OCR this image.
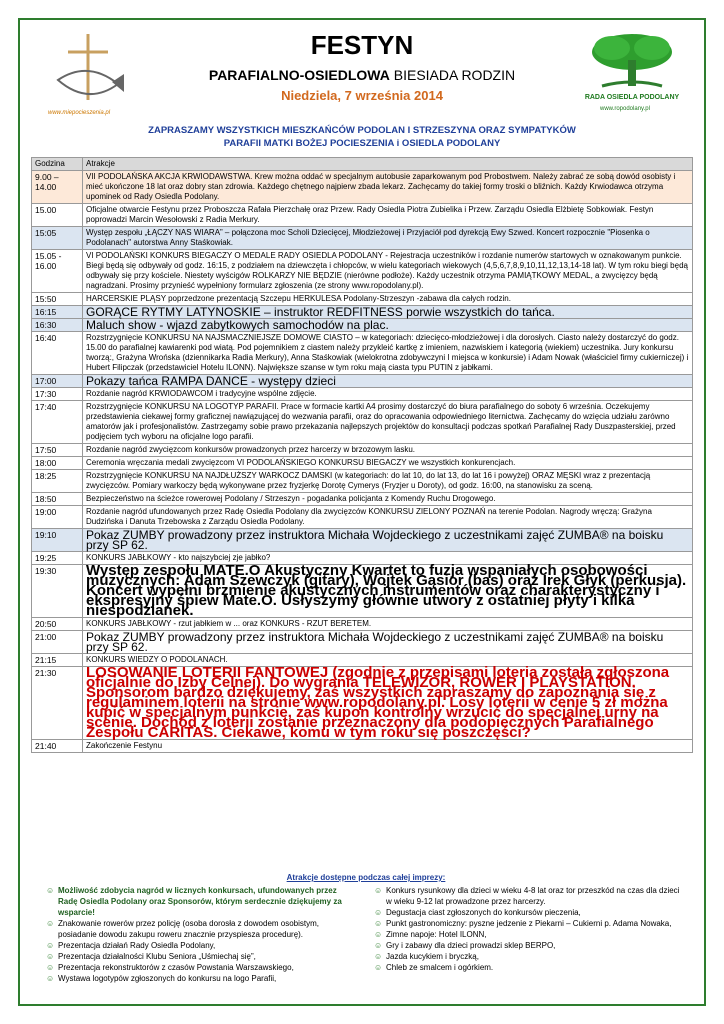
www.miepocieszenia.pl
RADA OSIEDLA PODOLANY
www.ropodolany.pl
FESTYN
PARAFIALNO-OSIEDLOWA BIESIADA RODZIN
Niedziela, 7 września 2014
ZAPRASZAMY WSZYSTKICH MIESZKAŃCÓW PODOLAN I STRZESZYNA ORAZ SYMPATYKÓW
PARAFII MATKI BOŻEJ POCIESZENIA i OSIEDLA PODOLANY
Godzina	Atrakcje
9.00 – 14.00	VII PODOLAŃSKA AKCJA KRWIODAWSTWA. Krew można oddać w specjalnym autobusie zaparkowanym pod Probostwem. Należy zabrać ze sobą dowód osobisty i mieć ukończone 18 lat oraz dobry stan zdrowia. Każdego chętnego najpierw zbada lekarz. Zachęcamy do takiej formy troski o bliźnich. Każdy Krwiodawca otrzyma upominek od Rady Osiedla Podolany.
15.00	Oficjalne otwarcie Festynu przez Proboszcza Rafała Pierzchałę oraz Przew. Rady Osiedla Piotra Zubielika i Przew. Zarządu Osiedla Elżbietę Sobkowiak. Festyn poprowadzi Marcin Wesołowski z Radia Merkury.
15:05	Występ zespołu „ŁĄCZY NAS WIARA” – połączona moc Scholi Dziecięcej, Młodzieżowej i Przyjaciół pod dyrekcją Ewy Szwed. Koncert rozpocznie "Piosenka o Podolanach" autorstwa Anny Staśkowiak.
15.05 - 16.00	VI PODOLAŃSKI KONKURS BIEGACZY O MEDALE RADY OSIEDLA PODOLANY - Rejestracja uczestników i rozdanie numerów startowych w oznakowanym punkcie. Biegi będą się odbywały od godz. 16:15, z podziałem na dziewczęta i chłopców, w wielu kategoriach wiekowych (4,5,6,7,8,9,10,11,12,13,14-18 lat). W tym roku biegi będą odbywały się przy kościele. Niestety wyścigów ROLKARZY NIE BĘDZIE (nierówne podłoże). Każdy uczestnik otrzyma PAMIĄTKOWY MEDAL, a zwycięzcy będą nagradzani. Prosimy przynieść wypełniony formularz zgłoszenia (ze strony www.ropodolany.pl).
15:50	HARCERSKIE PLĄSY poprzedzone prezentacją Szczepu HERKULESA Podolany-Strzeszyn -zabawa dla całych rodzin.
16:15	GORĄCE RYTMY LATYNOSKIE – instruktor REDFITNESS porwie wszystkich do tańca.
16:30	Maluch show - wjazd zabytkowych samochodów na plac.
16:40	Rozstrzygnięcie KONKURSU NA NAJSMACZNIEJSZE DOMOWE CIASTO – w kategoriach: dziecięco-młodzieżowej i dla dorosłych. Ciasto należy dostarczyć do godz. 15.00 do parafialnej kawiarenki pod wiatą. Pod pojemnikiem z ciastem należy przykleić kartkę z imieniem, nazwiskiem i kategorią (wiekiem) uczestnika. Jury konkursu tworzą:, Grażyna Wrońska (dziennikarka Radia Merkury), Anna Staśkowiak (wielokrotna zdobywczyni I miejsca w konkursie) i Adam Nowak (właściciel firmy cukierniczej) i Hubert Filipczak (przedstawiciel Hotelu ILONN). Największe szanse w tym roku mają ciasta typu PUTIN z jabłkami.
17:00	Pokazy tańca RAMPA DANCE - występy dzieci
17:30	Rozdanie nagród KRWIODAWCOM i tradycyjne wspólne zdjęcie.
17:40	Rozstrzygnięcie KONKURSU NA LOGOTYP PARAFII. Prace w formacie kartki A4 prosimy dostarczyć do biura parafialnego do soboty 6 września. Oczekujemy przedstawienia ciekawej formy graficznej nawiązującej do wezwania parafii, oraz do opracowania odpowiedniego liternictwa. Zachęcamy do wzięcia udziału zarówno amatorów jak i profesjonalistów. Zastrzegamy sobie prawo przekazania najlepszych projektów do konsultacji podczas spotkań Parafialnej Rady Duszpasterskiej, przed podjęciem tych wyboru na oficjalne logo parafii.
17:50	Rozdanie nagród zwycięzcom konkursów prowadzonych przez harcerzy w brzozowym lasku.
18:00	Ceremonia wręczania medali zwycięzcom VI PODOLAŃSKIEGO KONKURSU BIEGACZY we wszystkich konkurencjach.
18:25	Rozstrzygnięcie KONKURSU NA NAJDŁUŻSZY WARKOCZ DAMSKI (w kategoriach: do lat 10, do lat 13, do lat 16 i powyżej) ORAZ MĘSKI wraz z prezentacją zwycięzców. Pomiary warkoczy będą wykonywane przez fryzjerkę Dorotę Cymerys (Fryzjer u Doroty), od godz. 16:00, na stanowisku za sceną.
18:50	Bezpieczeństwo na ścieżce rowerowej Podolany / Strzeszyn - pogadanka policjanta z Komendy Ruchu Drogowego.
19:00	Rozdanie nagród ufundowanych przez Radę Osiedla Podolany dla zwycięzców KONKURSU ZIELONY POZNAŃ na terenie Podolan. Nagrody wręczą: Grażyna Dudzińska i Danuta Trzebowska z Zarządu Osiedla Podolany.
19:10	Pokaz ZUMBY prowadzony przez instruktora Michała Wojdeckiego z uczestnikami zajęć ZUMBA® na boisku przy SP 62.
19:25	KONKURS JABŁKOWY - kto najszybciej zje jabłko?
19:30	Występ zespołu MATE.O Akustyczny Kwartet to fuzja wspaniałych osobowości muzycznych: Adam Szewczyk (gitary), Wojtek Gąsior (bas) oraz Irek Głyk (perkusja). Koncert wypełni brzmienie akustycznych instrumentów oraz charakterystyczny i ekspresyjny śpiew Mate.O. Usłyszymy głównie utwory z ostatniej płyty i kilka niespodzianek.
20:50	KONKURS JABŁKOWY - rzut jabłkiem w ... oraz KONKURS - RZUT BERETEM.
21:00	Pokaz ZUMBY prowadzony przez instruktora Michała Wojdeckiego z uczestnikami zajęć ZUMBA® na boisku przy SP 62.
21:15	KONKURS WIEDZY O PODOLANACH.
21:30	LOSOWANIE LOTERII FANTOWEJ (zgodnie z przepisami loteria została zgłoszona oficjalnie do Izby Celnej). Do wygrania TELEWIZOR, ROWER I PLAYSTATION. Sponsorom bardzo dziękujemy, zaś wszystkich zapraszamy do zapoznania się z regulaminem loterii na stronie www.ropodolany.pl. Losy loterii w cenie 5 zł można kupić w specjalnym punkcie, zaś kupon kontrolny wrzucić do specjalnej urny na scenie. Dochód z loterii zostanie przeznaczony dla podopiecznych Parafialnego Zespołu CARITAS. Ciekawe, komu w tym roku się poszczęści?
21:40	Zakończenie Festynu
Atrakcje dostępne podczas całej imprezy:
☺ Możliwość zdobycia nagród w licznych konkursach, ufundowanych przez Radę Osiedla Podolany oraz Sponsorów, którym serdecznie dziękujemy za wsparcie!
☺ Znakowanie rowerów przez policję (osoba dorosła z dowodem osobistym, posiadanie dowodu zakupu roweru znacznie przyspiesza procedurę).
☺ Prezentacja działań Rady Osiedla Podolany,
☺ Prezentacja działalności Klubu Seniora „Uśmiechaj się”,
☺ Prezentacja rekonstruktorów z czasów Powstania Warszawskiego,
☺ Wystawa logotypów zgłoszonych do konkursu na logo Parafii,
☺ Konkurs rysunkowy dla dzieci w wieku 4-8 lat oraz tor przeszkód na czas dla dzieci w wieku 9-12 lat prowadzone przez harcerzy.
☺ Degustacja ciast zgłoszonych do konkursów pieczenia,
☺ Punkt gastronomiczny: pyszne jedzenie z Piekarni – Cukierni p. Adama Nowaka,
☺ Zimne napoje: Hotel ILONN,
☺ Gry i zabawy dla dzieci prowadzi sklep BERPO,
☺ Jazda kucykiem i bryczką,
☺ Chleb ze smalcem i ogórkiem.
